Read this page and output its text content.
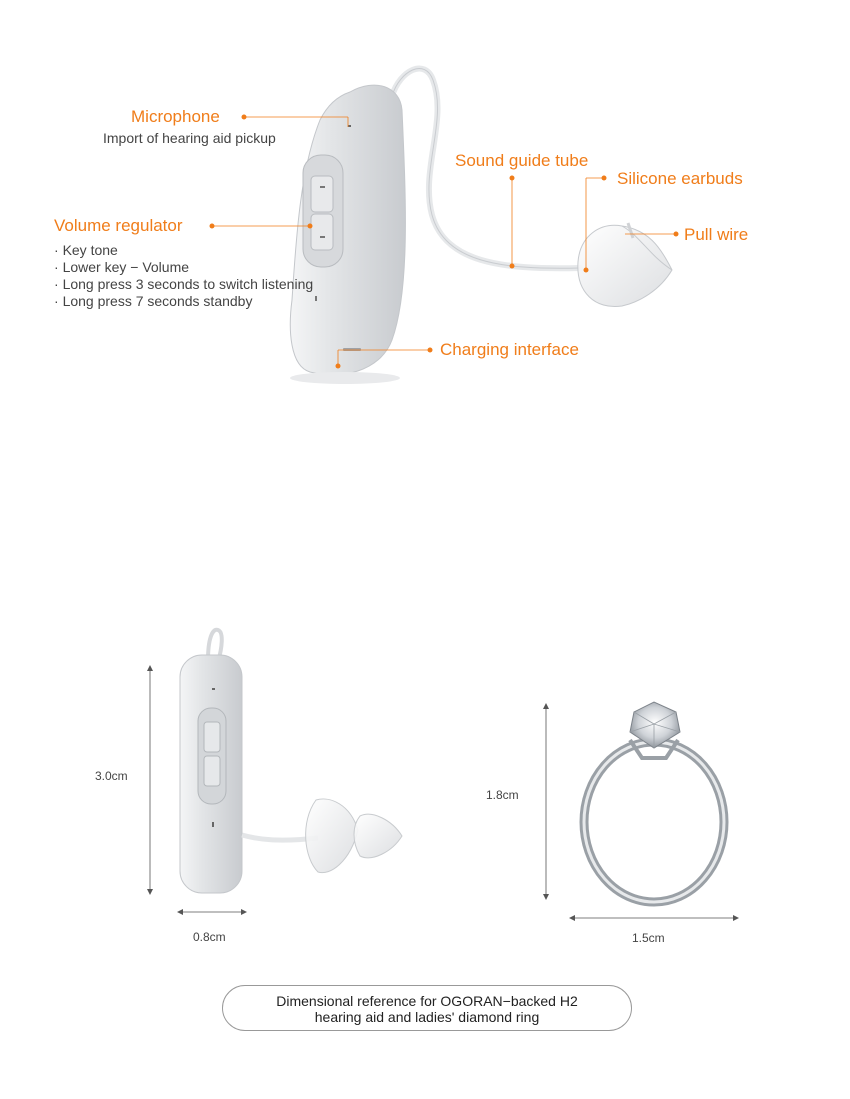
Microphone
Import of hearing aid pickup
Volume regulator
· Key tone
· Lower key − Volume
· Long press 3 seconds to switch listening
· Long press 7 seconds standby
Sound guide tube
Silicone earbuds
Pull wire
Charging interface
3.0cm
0.8cm
1.8cm
1.5cm
Dimensional reference for OGORAN−backed H2
hearing aid and ladies' diamond ring
